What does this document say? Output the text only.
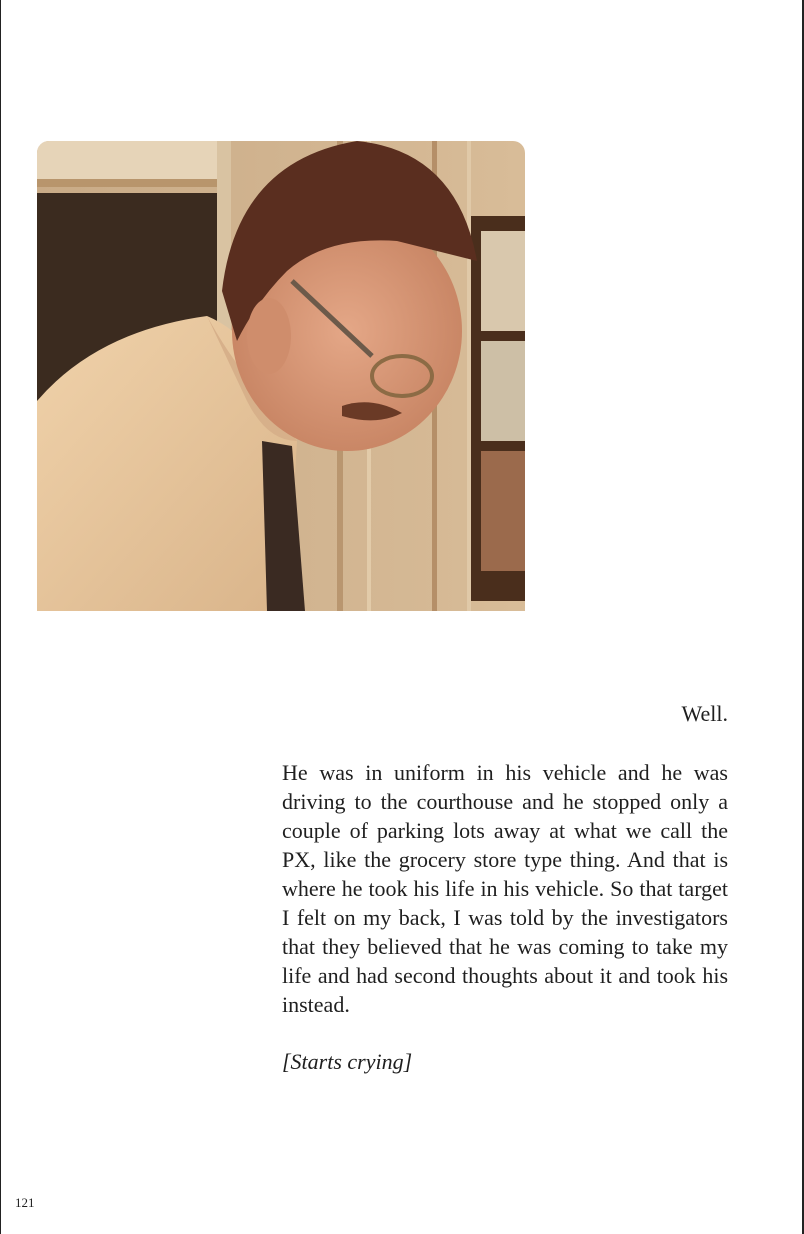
Well.
He was in uniform in his vehicle and he was driving to the courthouse and he stopped only a couple of parking lots away at what we call the PX, like the grocery store type thing. And that is where he took his life in his vehicle. So that target I felt on my back, I was told by the investigators that they believed that he was coming to take my life and had second thoughts about it and took his instead.
[Starts crying]
121
